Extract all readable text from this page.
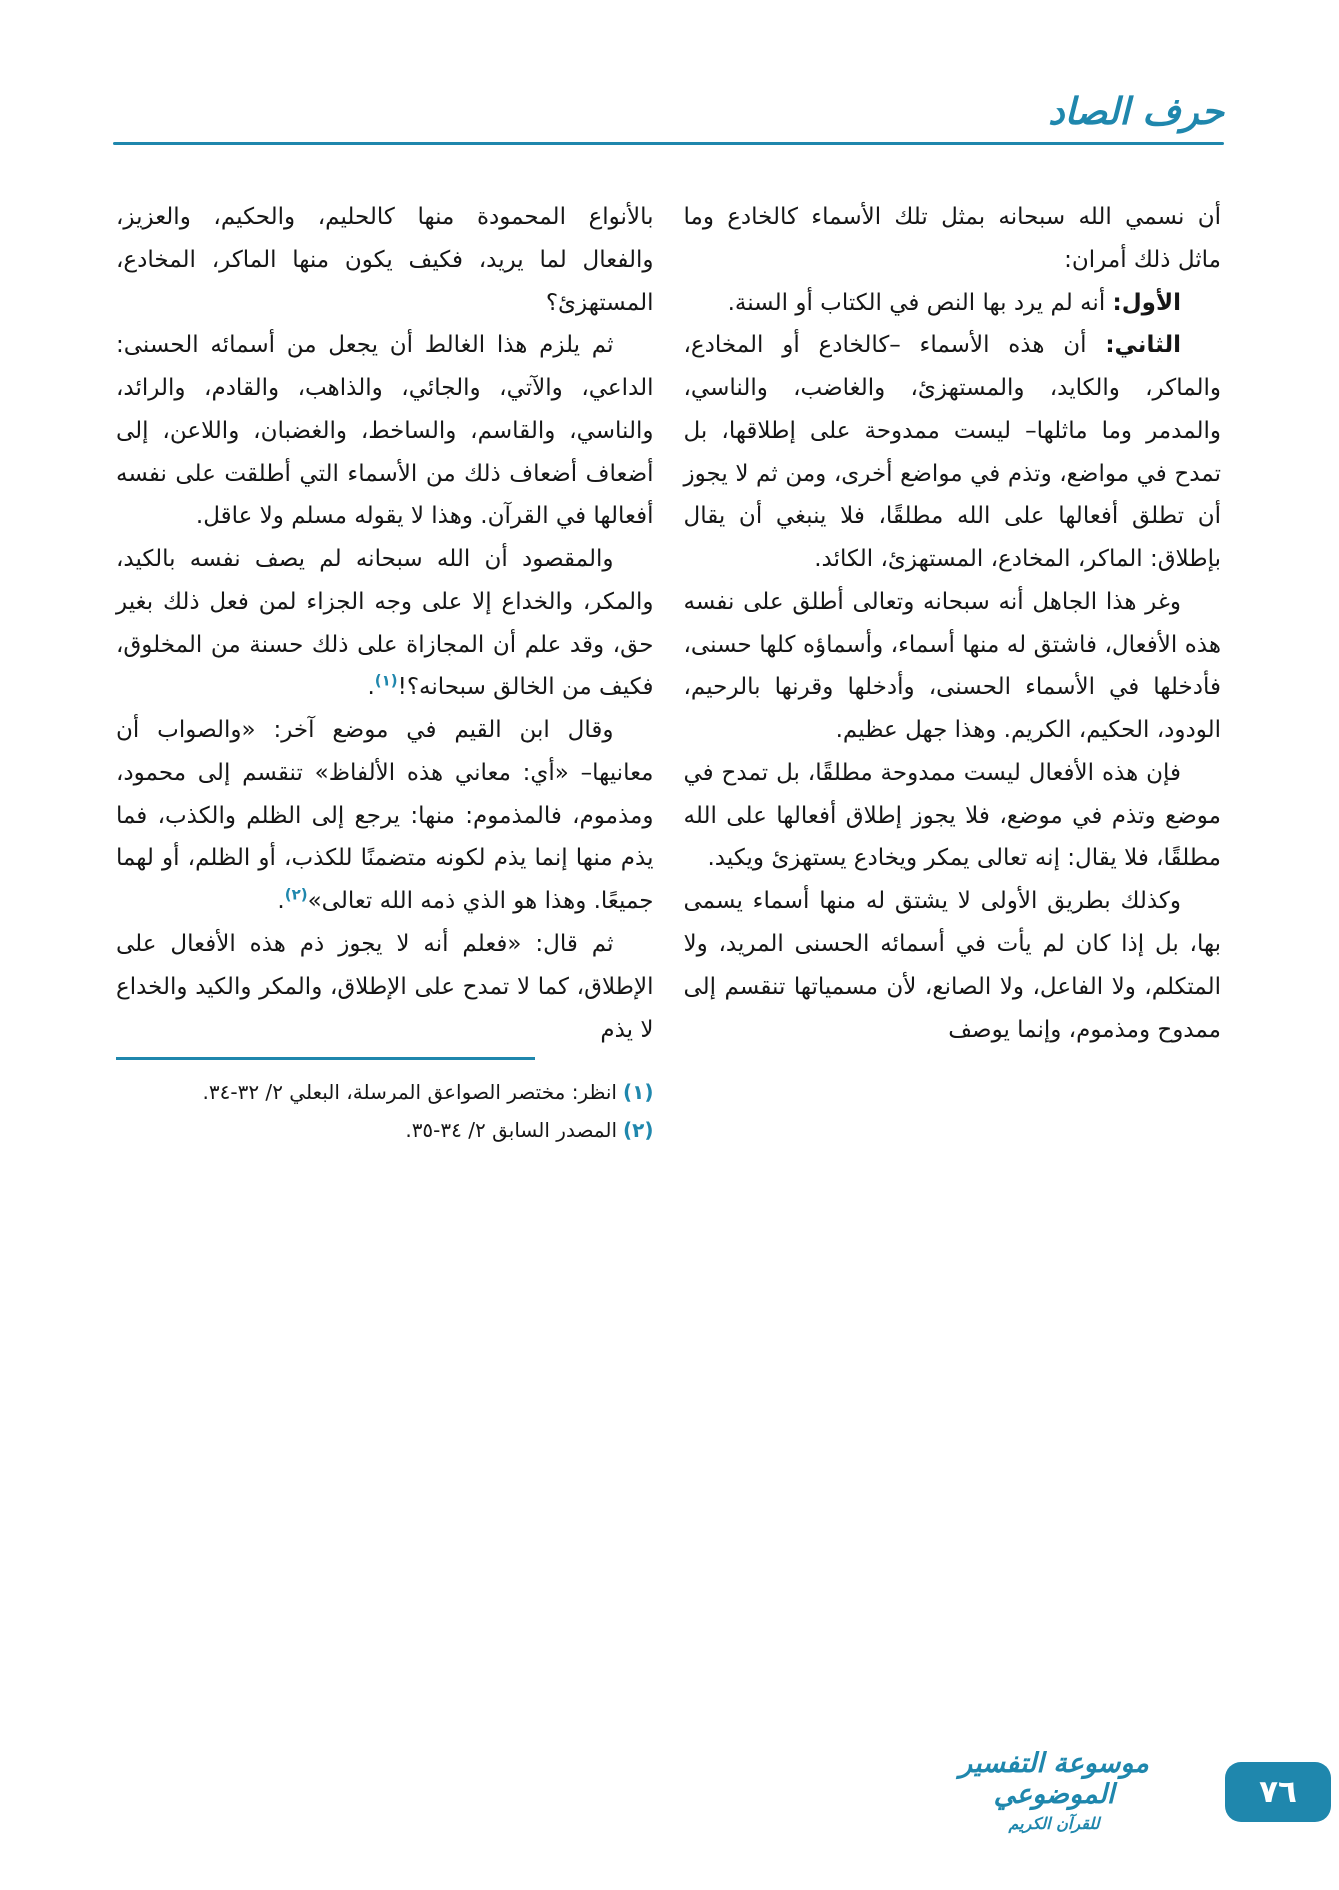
حرف الصاد

أن نسمي الله سبحانه بمثل تلك الأسماء كالخادع وما ماثل ذلك أمران:

الأول: أنه لم يرد بها النص في الكتاب أو السنة.

الثاني: أن هذه الأسماء –كالخادع أو المخادع، والماكر، والكايد، والمستهزئ، والغاضب، والناسي، والمدمر وما ماثلها– ليست ممدوحة على إطلاقها، بل تمدح في مواضع، وتذم في مواضع أخرى، ومن ثم لا يجوز أن تطلق أفعالها على الله مطلقًا، فلا ينبغي أن يقال بإطلاق: الماكر، المخادع، المستهزئ، الكائد.

وغر هذا الجاهل أنه سبحانه وتعالى أطلق على نفسه هذه الأفعال، فاشتق له منها أسماء، وأسماؤه كلها حسنى، فأدخلها في الأسماء الحسنى، وأدخلها وقرنها بالرحيم، الودود، الحكيم، الكريم. وهذا جهل عظيم.

فإن هذه الأفعال ليست ممدوحة مطلقًا، بل تمدح في موضع وتذم في موضع، فلا يجوز إطلاق أفعالها على الله مطلقًا، فلا يقال: إنه تعالى يمكر ويخادع يستهزئ ويكيد.

وكذلك بطريق الأولى لا يشتق له منها أسماء يسمى بها، بل إذا كان لم يأت في أسمائه الحسنى المريد، ولا المتكلم، ولا الفاعل، ولا الصانع، لأن مسمياتها تنقسم إلى ممدوح ومذموم، وإنما يوصف

بالأنواع المحمودة منها كالحليم، والحكيم، والعزيز، والفعال لما يريد، فكيف يكون منها الماكر، المخادع، المستهزئ؟

ثم يلزم هذا الغالط أن يجعل من أسمائه الحسنى: الداعي، والآتي، والجائي، والذاهب، والقادم، والرائد، والناسي، والقاسم، والساخط، والغضبان، واللاعن، إلى أضعاف أضعاف ذلك من الأسماء التي أطلقت على نفسه أفعالها في القرآن. وهذا لا يقوله مسلم ولا عاقل.

والمقصود أن الله سبحانه لم يصف نفسه بالكيد، والمكر، والخداع إلا على وجه الجزاء لمن فعل ذلك بغير حق، وقد علم أن المجازاة على ذلك حسنة من المخلوق، فكيف من الخالق سبحانه؟!$^{(١)}$.

وقال ابن القيم في موضع آخر: «والصواب أن معانيها– «أي: معاني هذه الألفاظ» تنقسم إلى محمود، ومذموم، فالمذموم: منها: يرجع إلى الظلم والكذب، فما يذم منها إنما يذم لكونه متضمنًا للكذب، أو الظلم، أو لهما جميعًا. وهذا هو الذي ذمه الله تعالى»$^{(٢)}$.

ثم قال: «فعلم أنه لا يجوز ذم هذه الأفعال على الإطلاق، كما لا تمدح على الإطلاق، والمكر والكيد والخداع لا يذم

(١)انظر: مختصر الصواعق المرسلة، البعلي ٢/ ٣٢-٣٤.
(٢)المصدر السابق ٢/ ٣٤-٣٥.
موسوعة التفسير الموضوعي
للقرآن الكريم
٧٦
